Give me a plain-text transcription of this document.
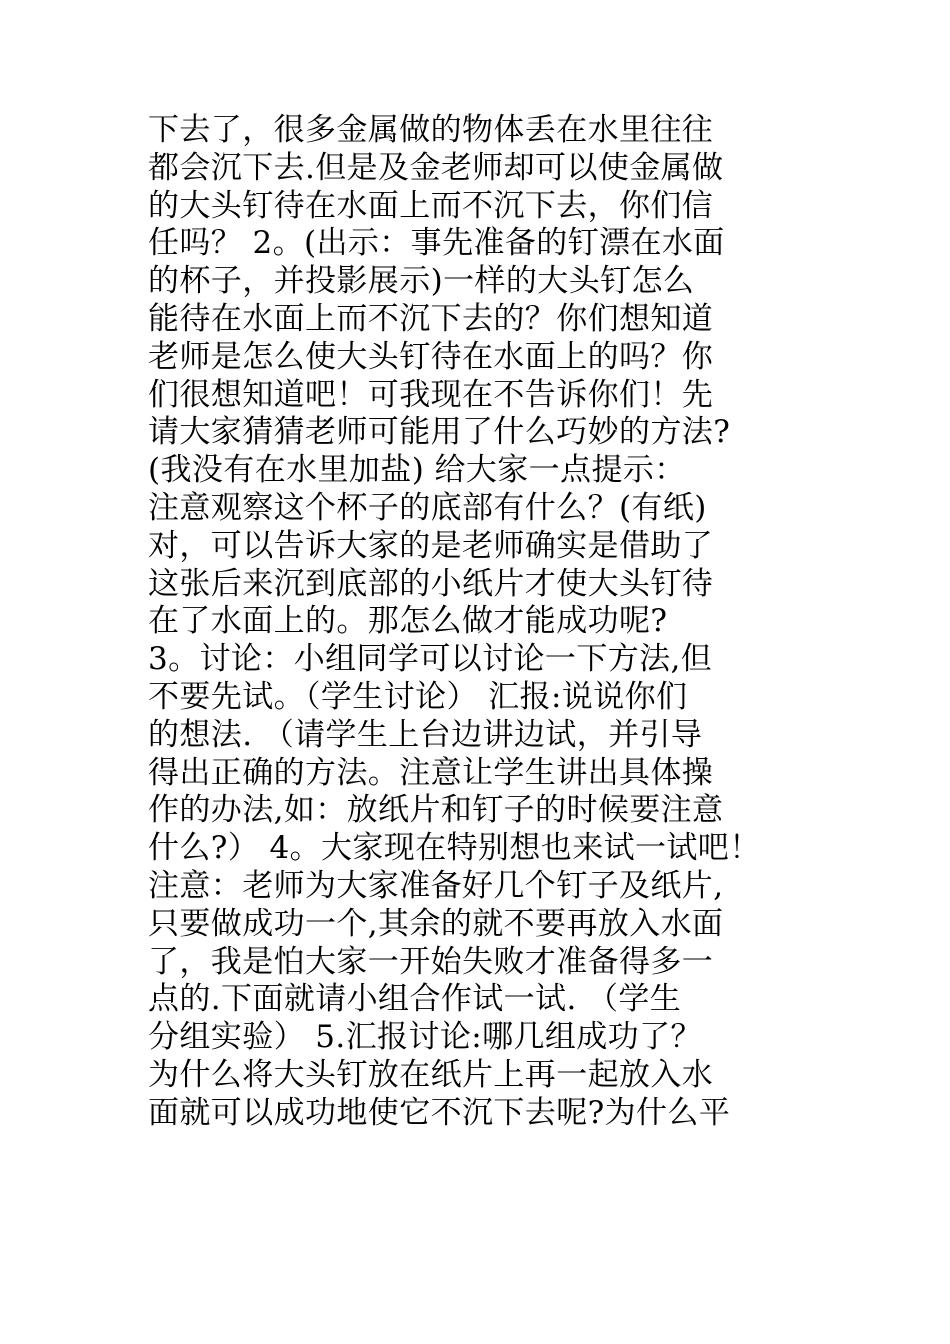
下去了，很多金属做的物体丢在水里往往
都会沉下去.但是及金老师却可以使金属做
的大头钉待在水面上而不沉下去，你们信
任吗？ 2。(出示：事先准备的钉漂在水面
的杯子，并投影展示)一样的大头钉怎么
能待在水面上而不沉下去的？你们想知道
老师是怎么使大头钉待在水面上的吗？你
们很想知道吧！可我现在不告诉你们！先
请大家猜猜老师可能用了什么巧妙的方法?
(我没有在水里加盐) 给大家一点提示：
注意观察这个杯子的底部有什么？(有纸)
对，可以告诉大家的是老师确实是借助了
这张后来沉到底部的小纸片才使大头钉待
在了水面上的。那怎么做才能成功呢?
3。讨论：小组同学可以讨论一下方法,但
不要先试。（学生讨论） 汇报:说说你们
的想法. （请学生上台边讲边试，并引导
得出正确的方法。注意让学生讲出具体操
作的办法,如：放纸片和钉子的时候要注意
什么?） 4。大家现在特别想也来试一试吧！
注意：老师为大家准备好几个钉子及纸片,
只要做成功一个,其余的就不要再放入水面
了，我是怕大家一开始失败才准备得多一
点的.下面就请小组合作试一试. （学生
分组实验） 5.汇报讨论:哪几组成功了？
为什么将大头钉放在纸片上再一起放入水
面就可以成功地使它不沉下去呢?为什么平
